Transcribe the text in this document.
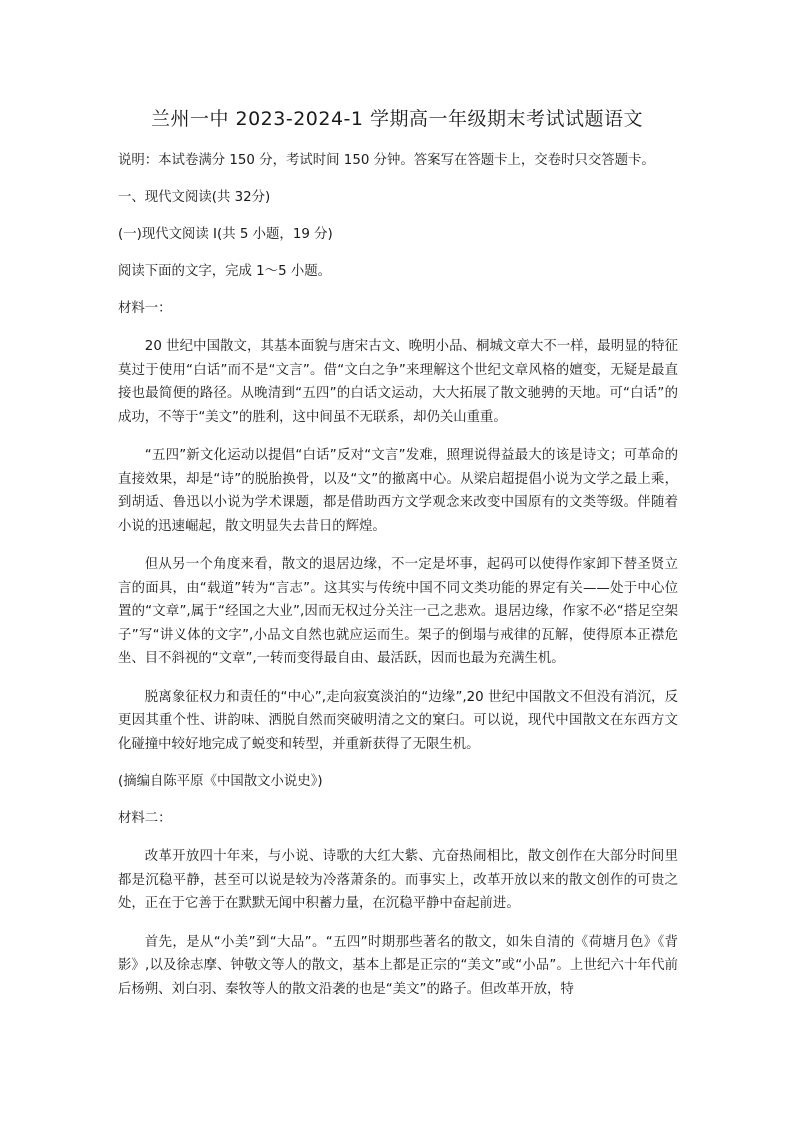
兰州一中 2023-2024-1 学期高一年级期末考试试题语文

说明：本试卷满分 150 分，考试时间 150 分钟。答案写在答题卡上，交卷时只交答题卡。

一、现代文阅读(共 32分)

(一)现代文阅读 I(共 5 小题，19 分)

阅读下面的文字，完成 1～5 小题。

材料一：

20 世纪中国散文，其基本面貌与唐宋古文、晚明小品、桐城文章大不一样，最明显的特征莫过于使用“白话”而不是“文言”。借“文白之争”来理解这个世纪文章风格的嬗变，无疑是最直接也最简便的路径。从晚清到“五四”的白话文运动，大大拓展了散文驰骋的天地。可“白话”的成功，不等于“美文”的胜利，这中间虽不无联系，却仍关山重重。

“五四”新文化运动以提倡“白话”反对“文言”发难，照理说得益最大的该是诗文；可革命的直接效果，却是“诗”的脱胎换骨，以及“文”的撤离中心。从梁启超提倡小说为文学之最上乘，到胡适、鲁迅以小说为学术课题，都是借助西方文学观念来改变中国原有的文类等级。伴随着小说的迅速崛起，散文明显失去昔日的辉煌。

但从另一个角度来看，散文的退居边缘，不一定是坏事，起码可以使得作家卸下替圣贤立言的面具，由“载道”转为“言志”。这其实与传统中国不同文类功能的界定有关——处于中心位置的“文章”,属于“经国之大业”,因而无权过分关注一己之悲欢。退居边缘，作家不必“搭足空架子”写“讲义体的文字”,小品文自然也就应运而生。架子的倒塌与戒律的瓦解，使得原本正襟危坐、目不斜视的“文章”,一转而变得最自由、最活跃，因而也最为充满生机。

脱离象征权力和责任的“中心”,走向寂寞淡泊的“边缘”,20 世纪中国散文不但没有消沉，反更因其重个性、讲韵味、洒脱自然而突破明清之文的窠臼。可以说，现代中国散文在东西方文化碰撞中较好地完成了蜕变和转型，并重新获得了无限生机。

(摘编自陈平原《中国散文小说史》)

材料二：

改革开放四十年来，与小说、诗歌的大红大紫、亢奋热闹相比，散文创作在大部分时间里都是沉稳平静，甚至可以说是较为冷落萧条的。而事实上，改革开放以来的散文创作的可贵之处，正在于它善于在默默无闻中积蓄力量，在沉稳平静中奋起前进。

首先，是从“小美”到“大品”。“五四”时期那些著名的散文，如朱自清的《荷塘月色》《背影》,以及徐志摩、钟敬文等人的散文，基本上都是正宗的“美文”或“小品”。上世纪六十年代前后杨朔、刘白羽、秦牧等人的散文沿袭的也是“美文”的路子。但改革开放，特
